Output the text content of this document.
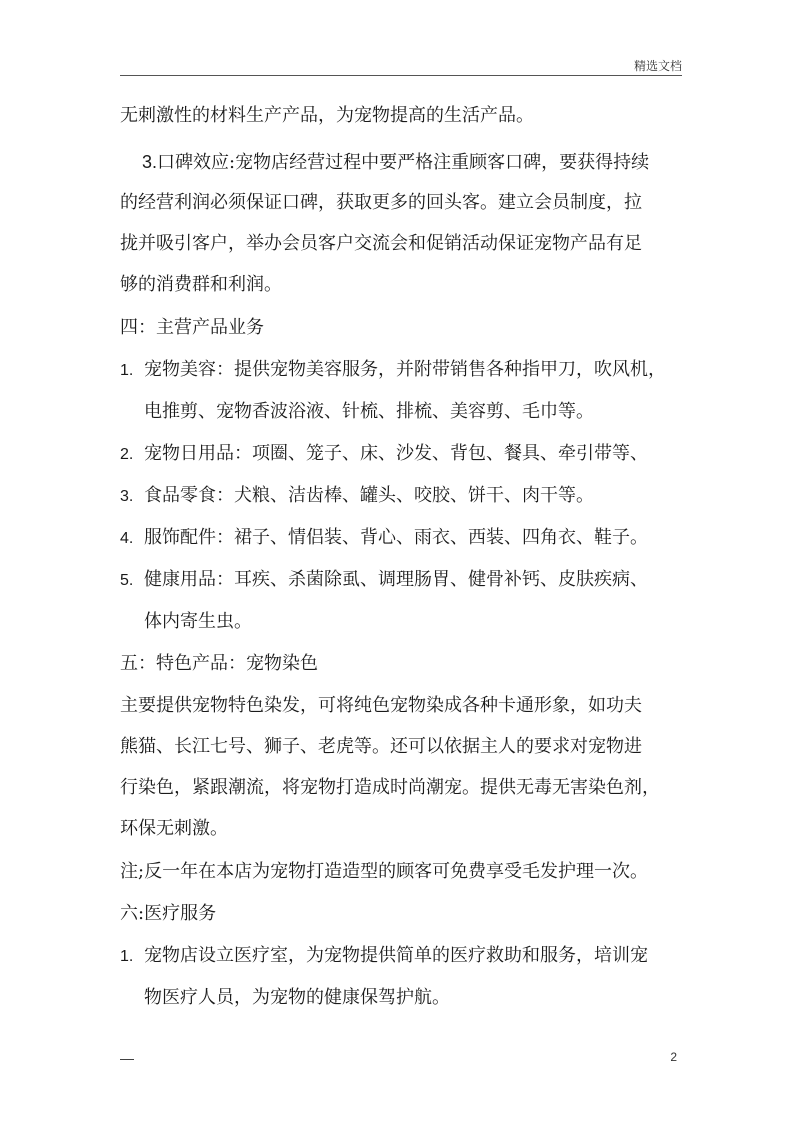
精选文档
无刺激性的材料生产产品，为宠物提高的生活产品。
3.口碑效应:宠物店经营过程中要严格注重顾客口碑，要获得持续
的经营利润必须保证口碑，获取更多的回头客。建立会员制度，拉
拢并吸引客户，举办会员客户交流会和促销活动保证宠物产品有足
够的消费群和利润。
四：主营产品业务
1. 宠物美容：提供宠物美容服务，并附带销售各种指甲刀，吹风机，
电推剪、宠物香波浴液、针梳、排梳、美容剪、毛巾等。
2. 宠物日用品：项圈、笼子、床、沙发、背包、餐具、牵引带等、
3. 食品零食：犬粮、洁齿棒、罐头、咬胶、饼干、肉干等。
4. 服饰配件：裙子、情侣装、背心、雨衣、西装、四角衣、鞋子。
5. 健康用品：耳疾、杀菌除虱、调理肠胃、健骨补钙、皮肤疾病、
体内寄生虫。
五：特色产品：宠物染色
主要提供宠物特色染发，可将纯色宠物染成各种卡通形象，如功夫
熊猫、长江七号、狮子、老虎等。还可以依据主人的要求对宠物进
行染色，紧跟潮流，将宠物打造成时尚潮宠。提供无毒无害染色剂，
环保无刺激。
注;反一年在本店为宠物打造造型的顾客可免费享受毛发护理一次。
六:医疗服务
1. 宠物店设立医疗室，为宠物提供简单的医疗救助和服务，培训宠
物医疗人员，为宠物的健康保驾护航。
—	2
